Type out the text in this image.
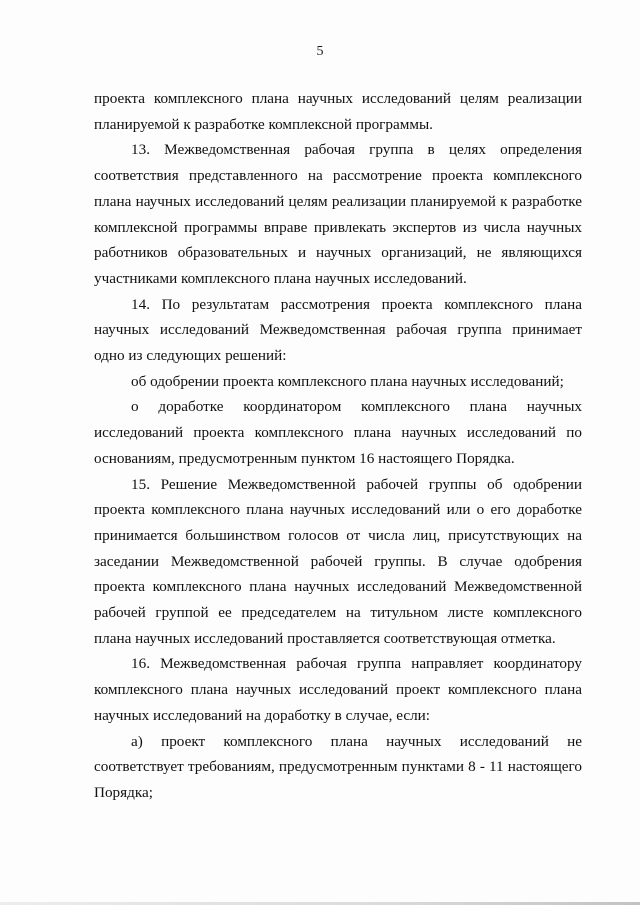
5

проекта комплексного плана научных исследований целям реализации планируемой к разработке комплексной программы.

13. Межведомственная рабочая группа в целях определения соответствия представленного на рассмотрение проекта комплексного плана научных исследований целям реализации планируемой к разработке комплексной программы вправе привлекать экспертов из числа научных работников образовательных и научных организаций, не являющихся участниками комплексного плана научных исследований.

14. По результатам рассмотрения проекта комплексного плана научных исследований Межведомственная рабочая группа принимает одно из следующих решений:

об одобрении проекта комплексного плана научных исследований;

о доработке координатором комплексного плана научных исследований проекта комплексного плана научных исследований по основаниям, предусмотренным пунктом 16 настоящего Порядка.

15. Решение Межведомственной рабочей группы об одобрении проекта комплексного плана научных исследований или о его доработке принимается большинством голосов от числа лиц, присутствующих на заседании Межведомственной рабочей группы. В случае одобрения проекта комплексного плана научных исследований Межведомственной рабочей группой ее председателем на титульном листе комплексного плана научных исследований проставляется соответствующая отметка.

16. Межведомственная рабочая группа направляет координатору комплексного плана научных исследований проект комплексного плана научных исследований на доработку в случае, если:

а) проект комплексного плана научных исследований не соответствует требованиям, предусмотренным пунктами 8 - 11 настоящего Порядка;
